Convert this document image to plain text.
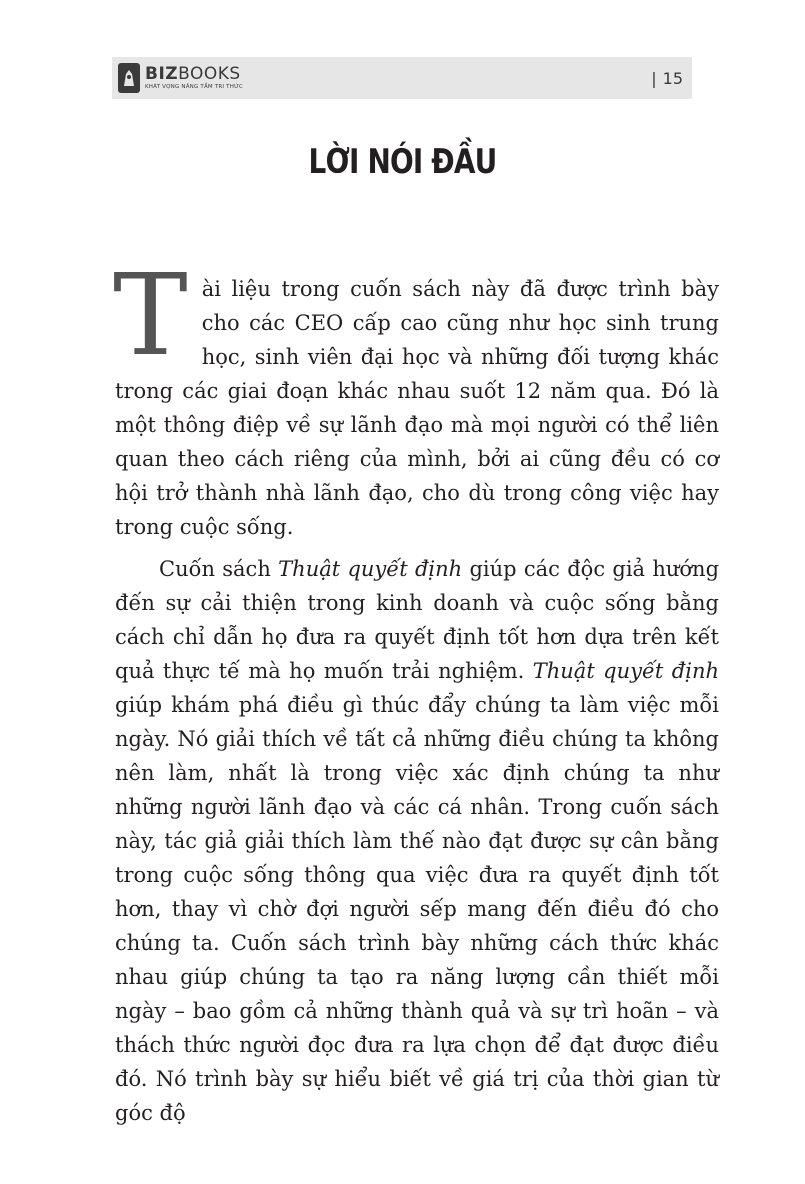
BIZBOOKS
KHÁT VỌNG NÂNG TẦM TRI THỨC	| 15
LỜI NÓI ĐẦU

Tài liệu trong cuốn sách này đã được trình bày cho các CEO cấp cao cũng như học sinh trung học, sinh viên đại học và những đối tượng khác trong các giai đoạn khác nhau suốt 12 năm qua. Đó là một thông điệp về sự lãnh đạo mà mọi người có thể liên quan theo cách riêng của mình, bởi ai cũng đều có cơ hội trở thành nhà lãnh đạo, cho dù trong công việc hay trong cuộc sống.

Cuốn sách Thuật quyết định giúp các độc giả hướng đến sự cải thiện trong kinh doanh và cuộc sống bằng cách chỉ dẫn họ đưa ra quyết định tốt hơn dựa trên kết quả thực tế mà họ muốn trải nghiệm. Thuật quyết định giúp khám phá điều gì thúc đẩy chúng ta làm việc mỗi ngày. Nó giải thích về tất cả những điều chúng ta không nên làm, nhất là trong việc xác định chúng ta như những người lãnh đạo và các cá nhân. Trong cuốn sách này, tác giả giải thích làm thế nào đạt được sự cân bằng trong cuộc sống thông qua việc đưa ra quyết định tốt hơn, thay vì chờ đợi người sếp mang đến điều đó cho chúng ta. Cuốn sách trình bày những cách thức khác nhau giúp chúng ta tạo ra năng lượng cần thiết mỗi ngày – bao gồm cả những thành quả và sự trì hoãn – và thách thức người đọc đưa ra lựa chọn để đạt được điều đó. Nó trình bày sự hiểu biết về giá trị của thời gian từ góc độ
